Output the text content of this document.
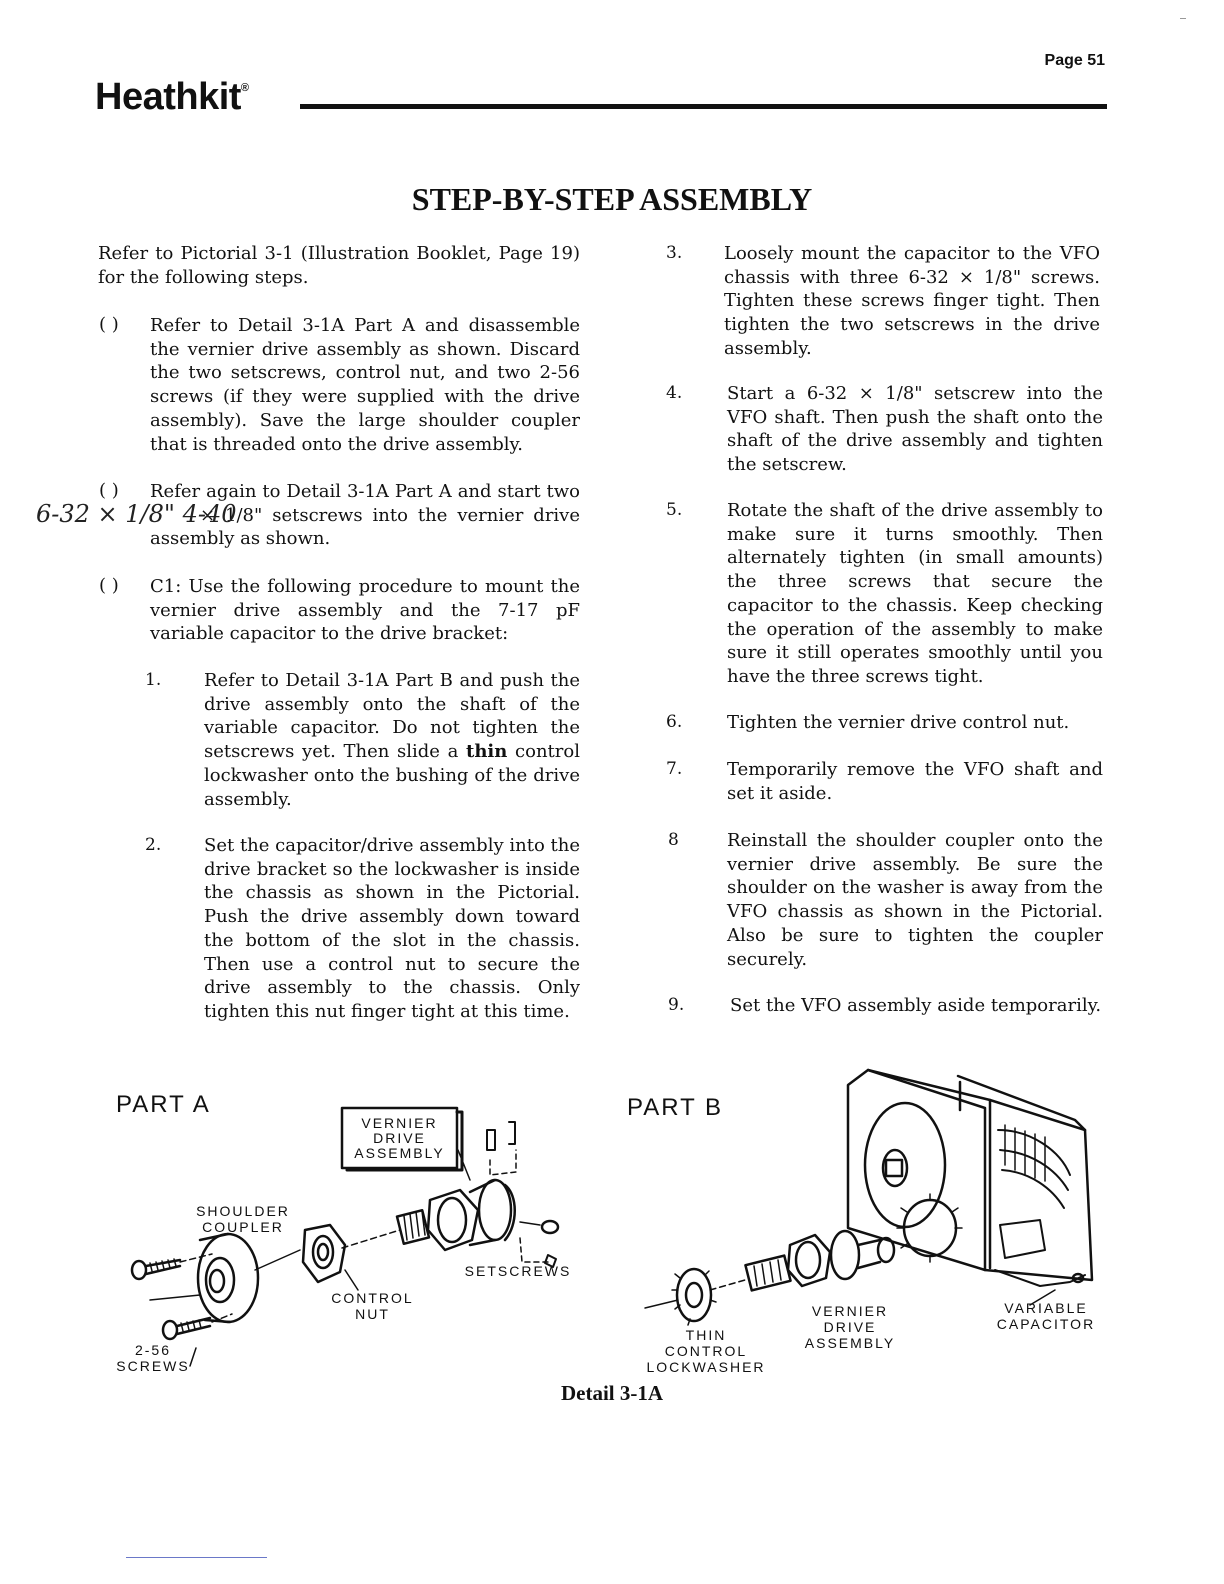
Heathkit®
Page 51
STEP-BY-STEP ASSEMBLY
Refer to Pictorial 3-1 (Illustration Booklet, Page 19) for the following steps.
( ) Refer to Detail 3-1A Part A and disassemble the vernier drive assembly as shown. Discard the two setscrews, control nut, and two 2-56 screws (if they were supplied with the drive assembly). Save the large shoulder coupler that is threaded onto the drive assembly.
( ) Refer again to Detail 3-1A Part A and start two
× 1/8" setscrews into the vernier drive
assembly as shown.
6-32 × 1/8" 4-40
( ) C1: Use the following procedure to mount the vernier drive assembly and the 7-17 pF variable capacitor to the drive bracket:
1. Refer to Detail 3-1A Part B and push the drive assembly onto the shaft of the variable capacitor. Do not tighten the setscrews yet. Then slide a thin control lockwasher onto the bushing of the drive assembly.
2. Set the capacitor/drive assembly into the drive bracket so the lockwasher is inside the chassis as shown in the Pictorial. Push the drive assembly down toward the bottom of the slot in the chassis. Then use a control nut to secure the drive assembly to the chassis. Only tighten this nut finger tight at this time.
3. Loosely mount the capacitor to the VFO chassis with three 6-32 × 1/8" screws. Tighten these screws finger tight. Then tighten the two setscrews in the drive assembly.
4. Start a 6-32 × 1/8" setscrew into the VFO shaft. Then push the shaft onto the shaft of the drive assembly and tighten the setscrew.
5. Rotate the shaft of the drive assembly to make sure it turns smoothly. Then alternately tighten (in small amounts) the three screws that secure the capacitor to the chassis. Keep checking the operation of the assembly to make sure it still operates smoothly until you have the three screws tight.
6. Tighten the vernier drive control nut.
7. Temporarily remove the VFO shaft and set it aside.
8	Reinstall the shoulder coupler onto the vernier drive assembly. Be sure the shoulder on the washer is away from the VFO chassis as shown in the Pictorial. Also be sure to tighten the coupler securely.
9.	Set the VFO assembly aside temporarily.
PART A	PART B
VERNIER
DRIVE
ASSEMBLY
SHOULDER
COUPLER
SETSCREWS
CONTROL
NUT
2-56
SCREWS
THIN
CONTROL
LOCKWASHER
VERNIER
DRIVE
ASSEMBLY
VARIABLE
CAPACITOR
Detail 3-1A
